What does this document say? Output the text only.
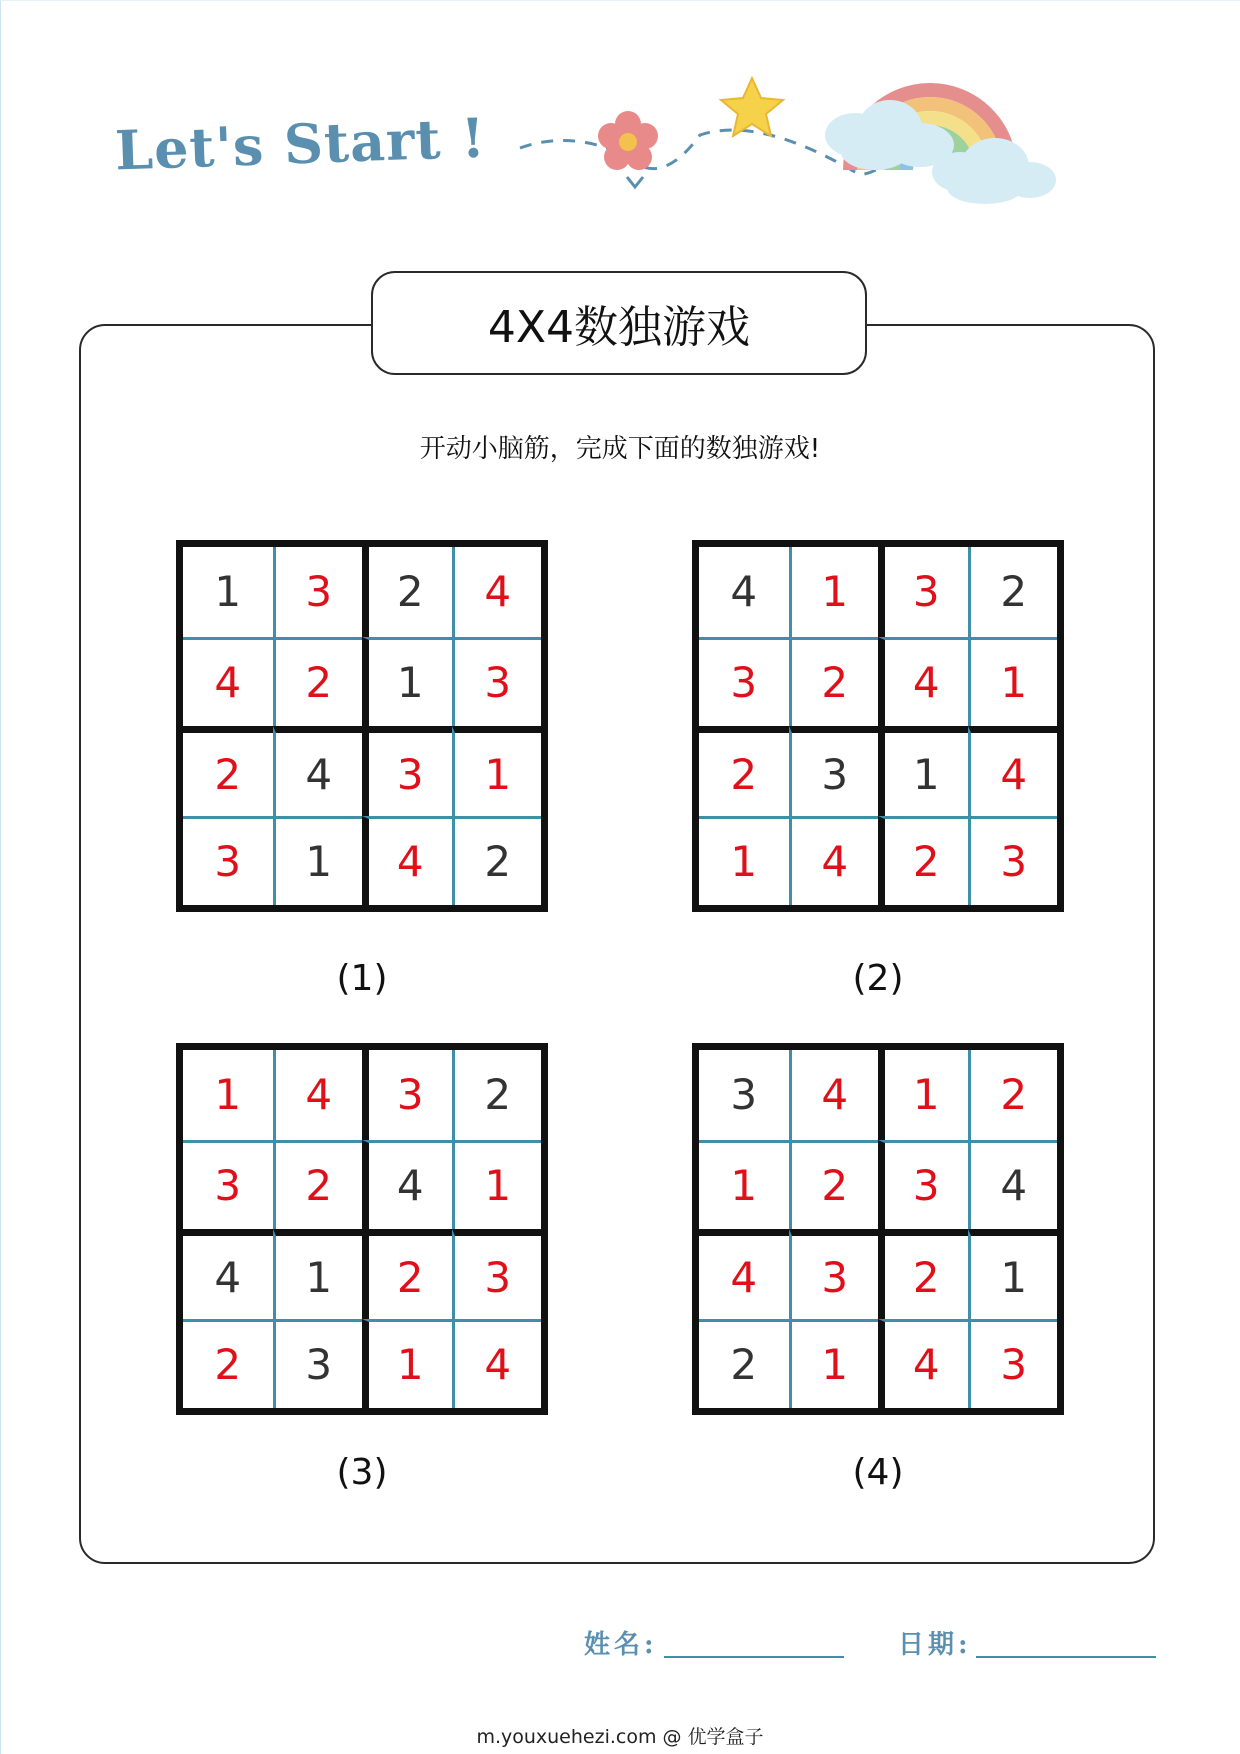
Let's Start !
4X4数独游戏
开动小脑筋，完成下面的数独游戏!
1	3	2	4
4	2	1	3
2	4	3	1
3	1	4	2
4	1	3	2
3	2	4	1
2	3	1	4
1	4	2	3
1	4	3	2
3	2	4	1
4	1	2	3
2	3	1	4
3	4	1	2
1	2	3	4
4	3	2	1
2	1	4	3
(1)	(2)
(3)	(4)
姓名:	日期:
m.youxuehezi.com @ 优学盒子
